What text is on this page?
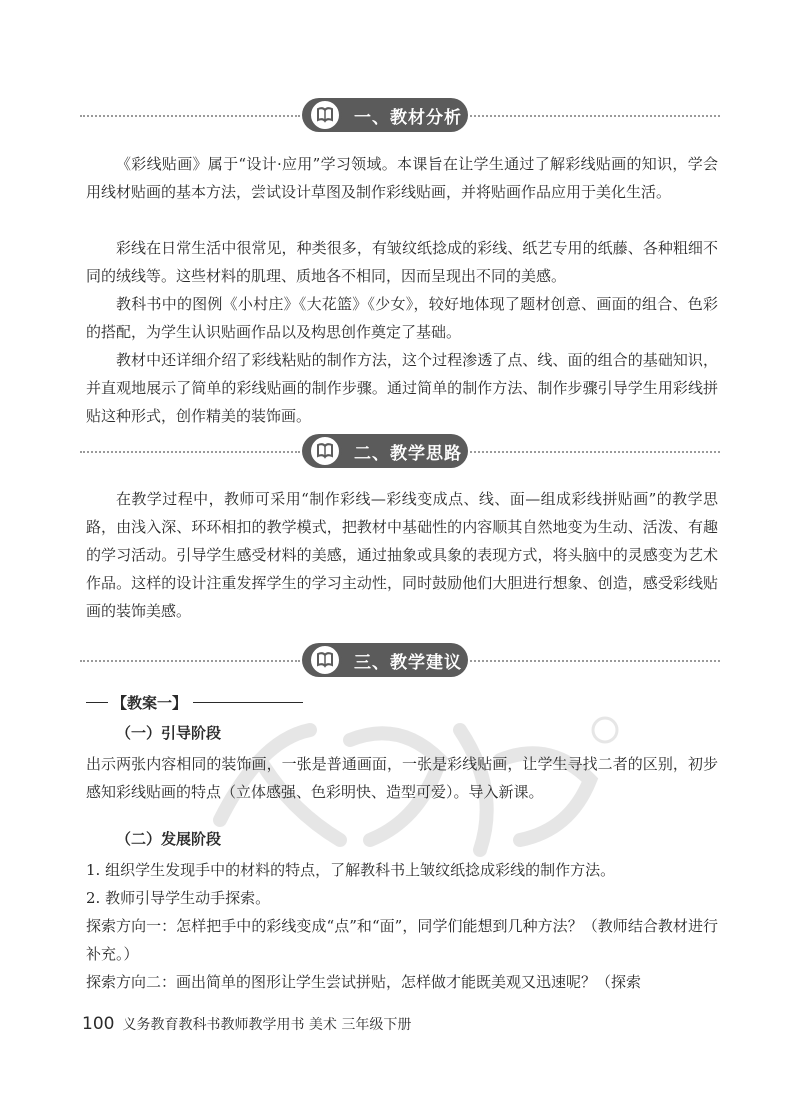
一、教材分析

《彩线贴画》属于“设计·应用”学习领域。本课旨在让学生通过了解彩线贴画的知识，学会用线材贴画的基本方法，尝试设计草图及制作彩线贴画，并将贴画作品应用于美化生活。

彩线在日常生活中很常见，种类很多，有皱纹纸捻成的彩线、纸艺专用的纸藤、各种粗细不同的绒线等。这些材料的肌理、质地各不相同，因而呈现出不同的美感。

教科书中的图例《小村庄》《大花篮》《少女》，较好地体现了题材创意、画面的组合、色彩的搭配，为学生认识贴画作品以及构思创作奠定了基础。

教材中还详细介绍了彩线粘贴的制作方法，这个过程渗透了点、线、面的组合的基础知识，并直观地展示了简单的彩线贴画的制作步骤。通过简单的制作方法、制作步骤引导学生用彩线拼贴这种形式，创作精美的装饰画。

二、教学思路

在教学过程中，教师可采用“制作彩线—彩线变成点、线、面—组成彩线拼贴画”的教学思路，由浅入深、环环相扣的教学模式，把教材中基础性的内容顺其自然地变为生动、活泼、有趣的学习活动。引导学生感受材料的美感，通过抽象或具象的表现方式，将头脑中的灵感变为艺术作品。这样的设计注重发挥学生的学习主动性，同时鼓励他们大胆进行想象、创造，感受彩线贴画的装饰美感。

三、教学建议
【教案一】
（一）引导阶段

出示两张内容相同的装饰画，一张是普通画面，一张是彩线贴画，让学生寻找二者的区别，初步感知彩线贴画的特点（立体感强、色彩明快、造型可爱）。导入新课。

（二）发展阶段

1. 组织学生发现手中的材料的特点，了解教科书上皱纹纸捻成彩线的制作方法。

2. 教师引导学生动手探索。

探索方向一：怎样把手中的彩线变成“点”和“面”，同学们能想到几种方法？（教师结合教材进行补充。）

探索方向二：画出简单的图形让学生尝试拼贴，怎样做才能既美观又迅速呢？（探索

100 义务教育教科书教师教学用书 美术 三年级下册
